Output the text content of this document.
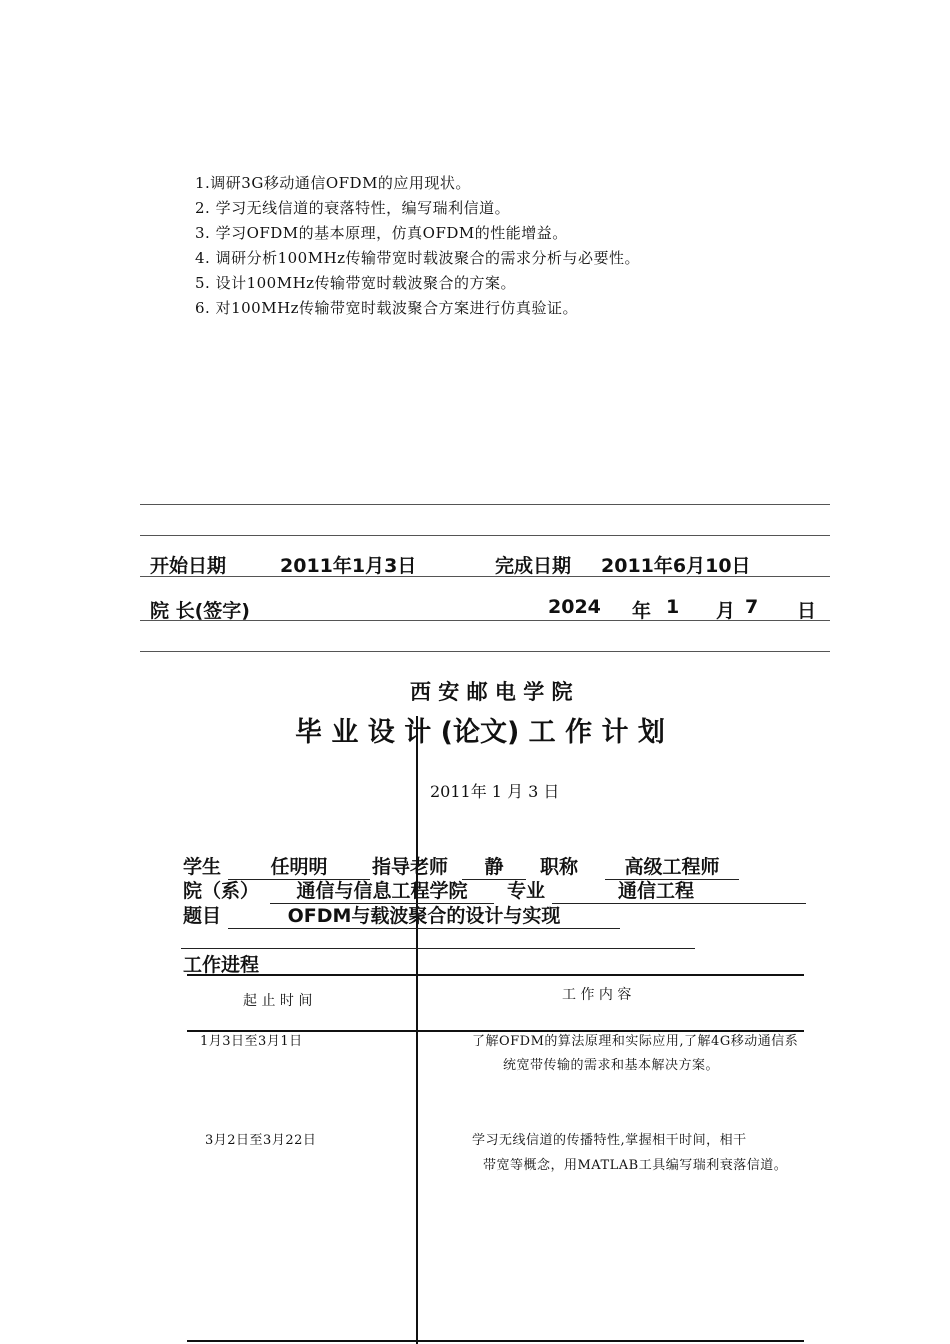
1.调研3G移动通信OFDM的应用现状。
2. 学习无线信道的衰落特性，编写瑞利信道。
3. 学习OFDM的基本原理，仿真OFDM的性能增益。
4. 调研分析100MHz传输带宽时载波聚合的需求分析与必要性。
5. 设计100MHz传输带宽时载波聚合的方案。
6. 对100MHz传输带宽时载波聚合方案进行仿真验证。
开始日期	2011年1月3日	完成日期 2011年6月10日
院 长(签字)	2024 年 1 月 7 日
西 安 邮 电 学 院
毕 业 设 计 (论文) 工 作 计 划
2011年 1 月 3 日
学生	任明明	指导老师	静	职称	高级工程师
院（系）	通信与信息工程学院	专业	通信工程
题目	OFDM与载波聚合的设计与实现
工作进程
起 止 时 间	工 作 内 容
1月3日至3月1日	了解OFDM的算法原理和实际应用,了解4G移动通信系
统宽带传输的需求和基本解决方案。
3月2日至3月22日	学习无线信道的传播特性,掌握相干时间，相干
带宽等概念，用MATLAB工具编写瑞利衰落信道。
